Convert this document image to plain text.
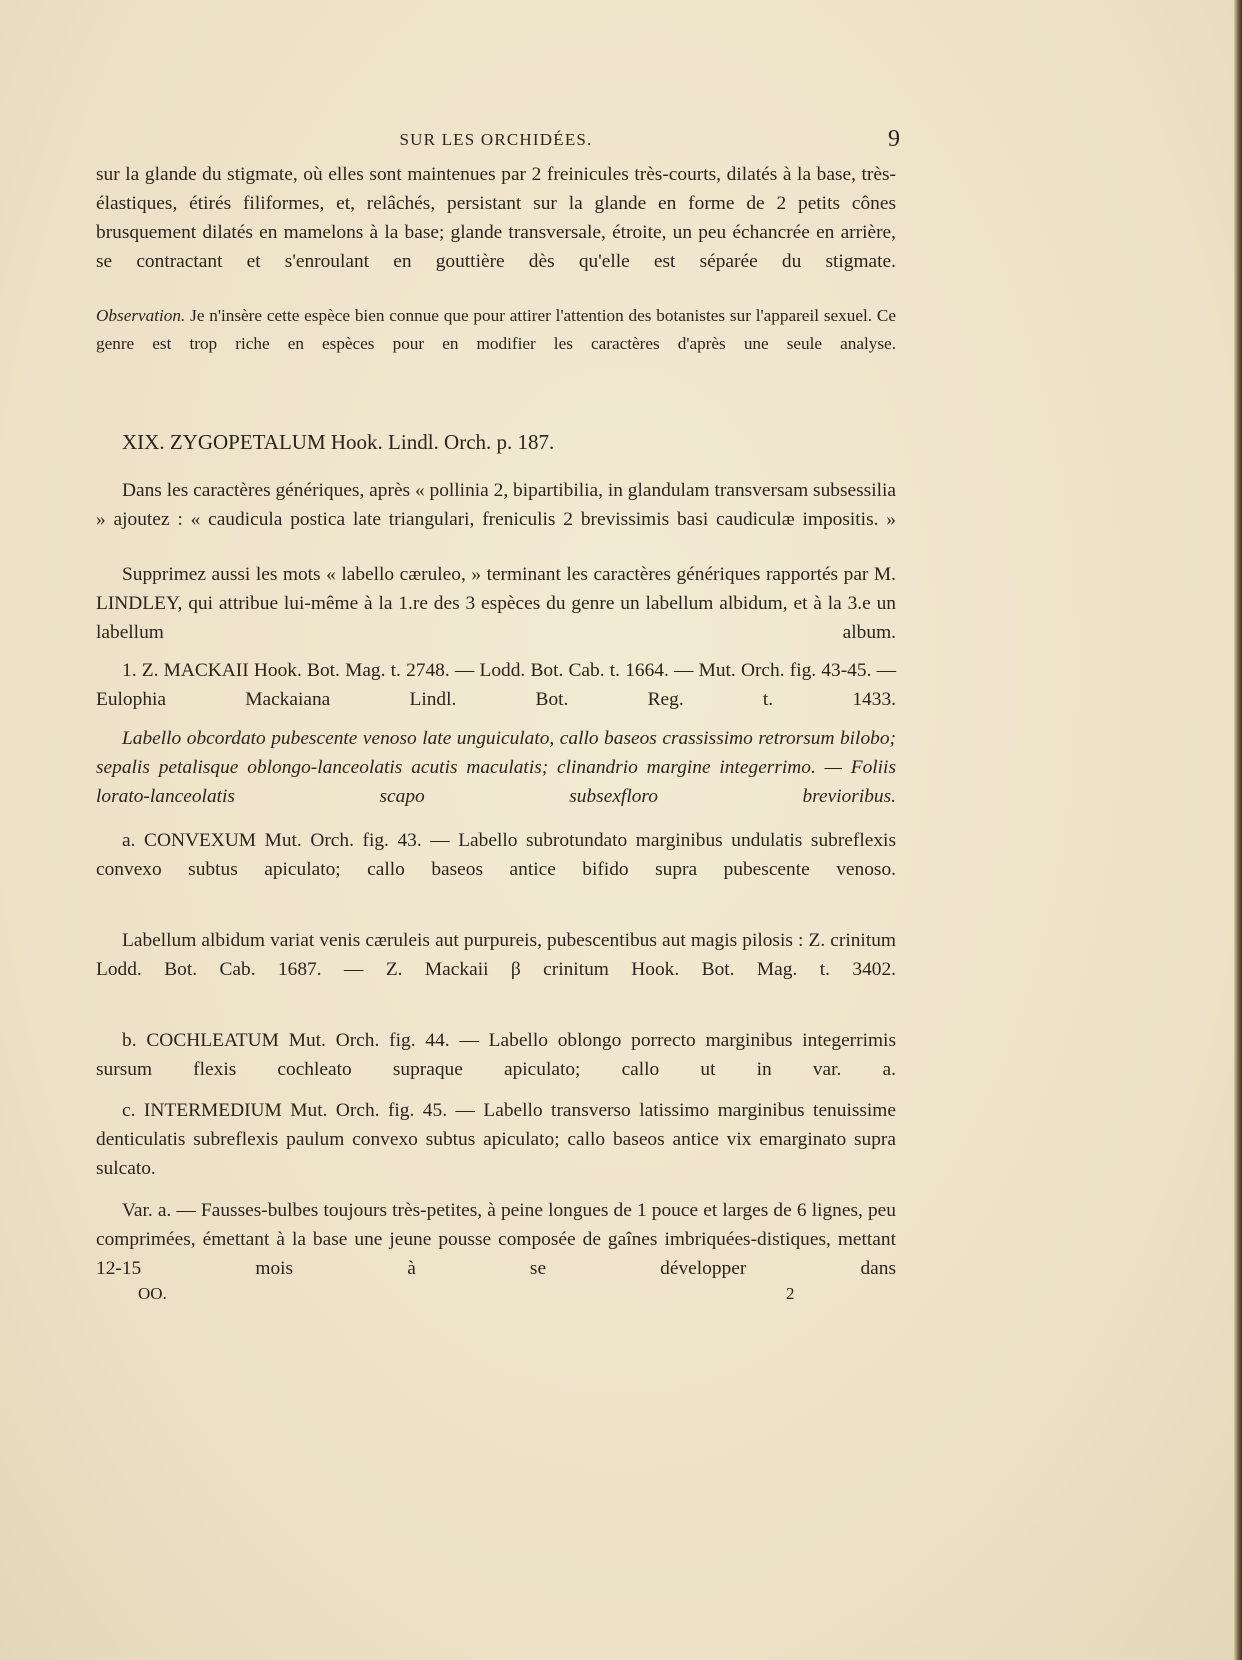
SUR LES ORCHIDÉES.	9
sur la glande du stigmate, où elles sont maintenues par 2 freinicules très-courts, dilatés à la base, très-élastiques, étirés filiformes, et, relâchés, persistant sur la glande en forme de 2 petits cônes brusquement dilatés en mamelons à la base; glande transversale, étroite, un peu échancrée en arrière, se contractant et s'enroulant en gouttière dès qu'elle est séparée du stigmate.
Observation. Je n'insère cette espèce bien connue que pour attirer l'attention des botanistes sur l'appareil sexuel. Ce genre est trop riche en espèces pour en modifier les caractères d'après une seule analyse.
XIX. ZYGOPETALUM Hook. Lindl. Orch. p. 187.
Dans les caractères génériques, après « pollinia 2, bipartibilia, in glandulam transversam subsessilia » ajoutez : « caudicula postica late triangulari, freniculis 2 brevissimis basi caudiculæ impositis. »
Supprimez aussi les mots « labello cæruleo, » terminant les caractères génériques rapportés par M. LINDLEY, qui attribue lui-même à la 1.re des 3 espèces du genre un labellum albidum, et à la 3.e un labellum album.
1. Z. MACKAII Hook. Bot. Mag. t. 2748. — Lodd. Bot. Cab. t. 1664. — Mut. Orch. fig. 43-45. — Eulophia Mackaiana Lindl. Bot. Reg. t. 1433.
Labello obcordato pubescente venoso late unguiculato, callo baseos crassissimo retrorsum bilobo; sepalis petalisque oblongo-lanceolatis acutis maculatis; clinandrio margine integerrimo. — Foliis lorato-lanceolatis scapo subsexfloro brevioribus.
a. CONVEXUM Mut. Orch. fig. 43. — Labello subrotundato marginibus undulatis subreflexis convexo subtus apiculato; callo baseos antice bifido supra pubescente venoso.
Labellum albidum variat venis cæruleis aut purpureis, pubescentibus aut magis pilosis : Z. crinitum Lodd. Bot. Cab. 1687. — Z. Mackaii β crinitum Hook. Bot. Mag. t. 3402.
b. COCHLEATUM Mut. Orch. fig. 44. — Labello oblongo porrecto marginibus integerrimis sursum flexis cochleato supraque apiculato; callo ut in var. a.
c. INTERMEDIUM Mut. Orch. fig. 45. — Labello transverso latissimo marginibus tenuissime denticulatis subreflexis paulum convexo subtus apiculato; callo baseos antice vix emarginato supra sulcato.
Var. a. — Fausses-bulbes toujours très-petites, à peine longues de 1 pouce et larges de 6 lignes, peu comprimées, émettant à la base une jeune pousse composée de gaînes imbriquées-distiques, mettant 12-15 mois à se développer dans
OO.	2
